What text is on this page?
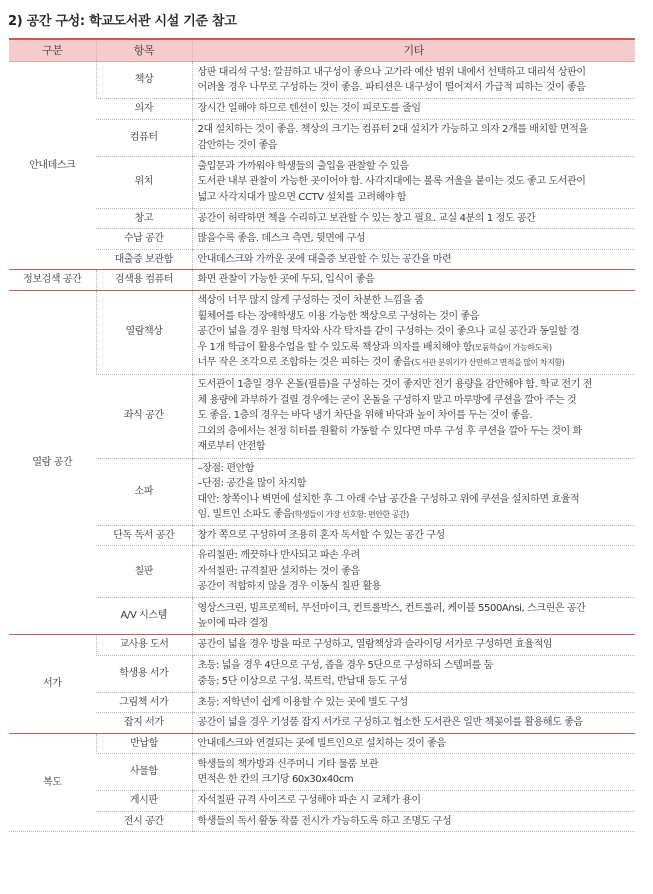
2) 공간 구성: 학교도서관 시설 기준 참고
구분	항목	기타
안내데스크	책상	상판 대리석 구성: 깔끔하고 내구성이 좋으나 고가라 예산 범위 내에서 선택하고 대리석 상판이
어려울 경우 나무로 구성하는 것이 좋음. 파티션은 내구성이 떨어져서 가급적 피하는 것이 좋음

	의자	장시간 일해야 하므로 텐션이 있는 것이 피로도를 줄임

	컴퓨터	2대 설치하는 것이 좋음. 책상의 크기는 컴퓨터 2대 설치가 가능하고 의자 2개를 배치할 면적을
감안하는 것이 좋음

	위치	출입문과 가까워야 학생들의 출입을 관찰할 수 있음
도서관 내부 관찰이 가능한 곳이어야 함. 사각지대에는 볼록 거울을 붙이는 것도 좋고 도서관이
넓고 사각지대가 많으면 CCTV 설치를 고려해야 함

	창고	공간이 허락하면 책을 수리하고 보관할 수 있는 창고 필요. 교실 4분의 1 정도 공간

	수납 공간	많을수록 좋음. 데스크 측면, 뒷면에 구성

	대출증 보관함	안내데스크와 가까운 곳에 대출증 보관할 수 있는 공간을 마련

정보검색 공간	검색용 컴퓨터	화면 관찰이 가능한 곳에 두되, 입식이 좋음

열람 공간	열람책상	색상이 너무 많지 않게 구성하는 것이 차분한 느낌을 줌
휠체어를 타는 장애학생도 이용 가능한 책상으로 구성하는 것이 좋음
공간이 넓을 경우 원형 탁자와 사각 탁자를 같이 구성하는 것이 좋으나 교실 공간과 동일할 경
우 1개 학급이 활용수업을 할 수 있도록 책상과 의자를 배치해야 함(모둠학습이 가능하도록)
너무 작은 조각으로 조합하는 것은 피하는 것이 좋음(도서관 분위기가 산만하고 면적을 많이 차지함)

	좌식 공간	도서관이 1층일 경우 온돌(필름)을 구성하는 것이 좋지만 전기 용량을 감안해야 함. 학교 전기 전
체 용량에 과부하가 걸릴 경우에는 굳이 온돌을 구성하지 말고 마루방에 쿠션을 깔아 주는 것
도 좋음. 1층의 경우는 바닥 냉기 차단을 위해 바닥과 높이 차이를 두는 것이 좋음.
그외의 층에서는 천정 히터를 원활히 가동할 수 있다면 마루 구성 후 쿠션을 깔아 두는 것이 화
재로부터 안전함

	소파	–장점: 편안함
–단점: 공간을 많이 차지함
대안: 창쪽이나 벽면에 설치한 후 그 아래 수납 공간을 구성하고 위에 쿠션을 설치하면 효율적
임. 빌트인 소파도 좋음(학생들이 가장 선호함: 편안한 공간)

	단독 독서 공간	창가 쪽으로 구성하여 조용히 혼자 독서할 수 있는 공간 구성

	칠판	유리칠판: 깨끗하나 반사되고 파손 우려
자석칠판: 규격칠판 설치하는 것이 좋음
공간이 적합하지 않을 경우 이동식 칠판 활용

	A/V 시스템	영상스크린, 빔프로젝터, 무선마이크, 컨트롤박스, 컨트롤러, 케이블 5500Ansi, 스크린은 공간
높이에 따라 결정

서가	교사용 도서	공간이 넓을 경우 방을 따로 구성하고, 열람책상과 슬라이딩 서가로 구성하면 효율적임

	학생용 서가	초등: 넓을 경우 4단으로 구성, 좁을 경우 5단으로 구성하되 스텝퍼를 둠
중등: 5단 이상으로 구성. 북트럭, 반납대 등도 구성

	그림책 서가	초등: 저학년이 쉽게 이용할 수 있는 곳에 별도 구성

	잡지 서가	공간이 넓을 경우 기성품 잡지 서가로 구성하고 협소한 도서관은 일반 책꽂이를 활용해도 좋음

복도	반납함	안내데스크와 연결되는 곳에 빌트인으로 설치하는 것이 좋음

	사물함	학생들의 책가방과 신주머니 기타 물품 보관
면적은 한 칸의 크기당 60x30x40cm

	게시판	자석칠판 규격 사이즈로 구성해야 파손 시 교체가 용이

	전시 공간	학생들의 독서 활동 작품 전시가 가능하도록 하고 조명도 구성
